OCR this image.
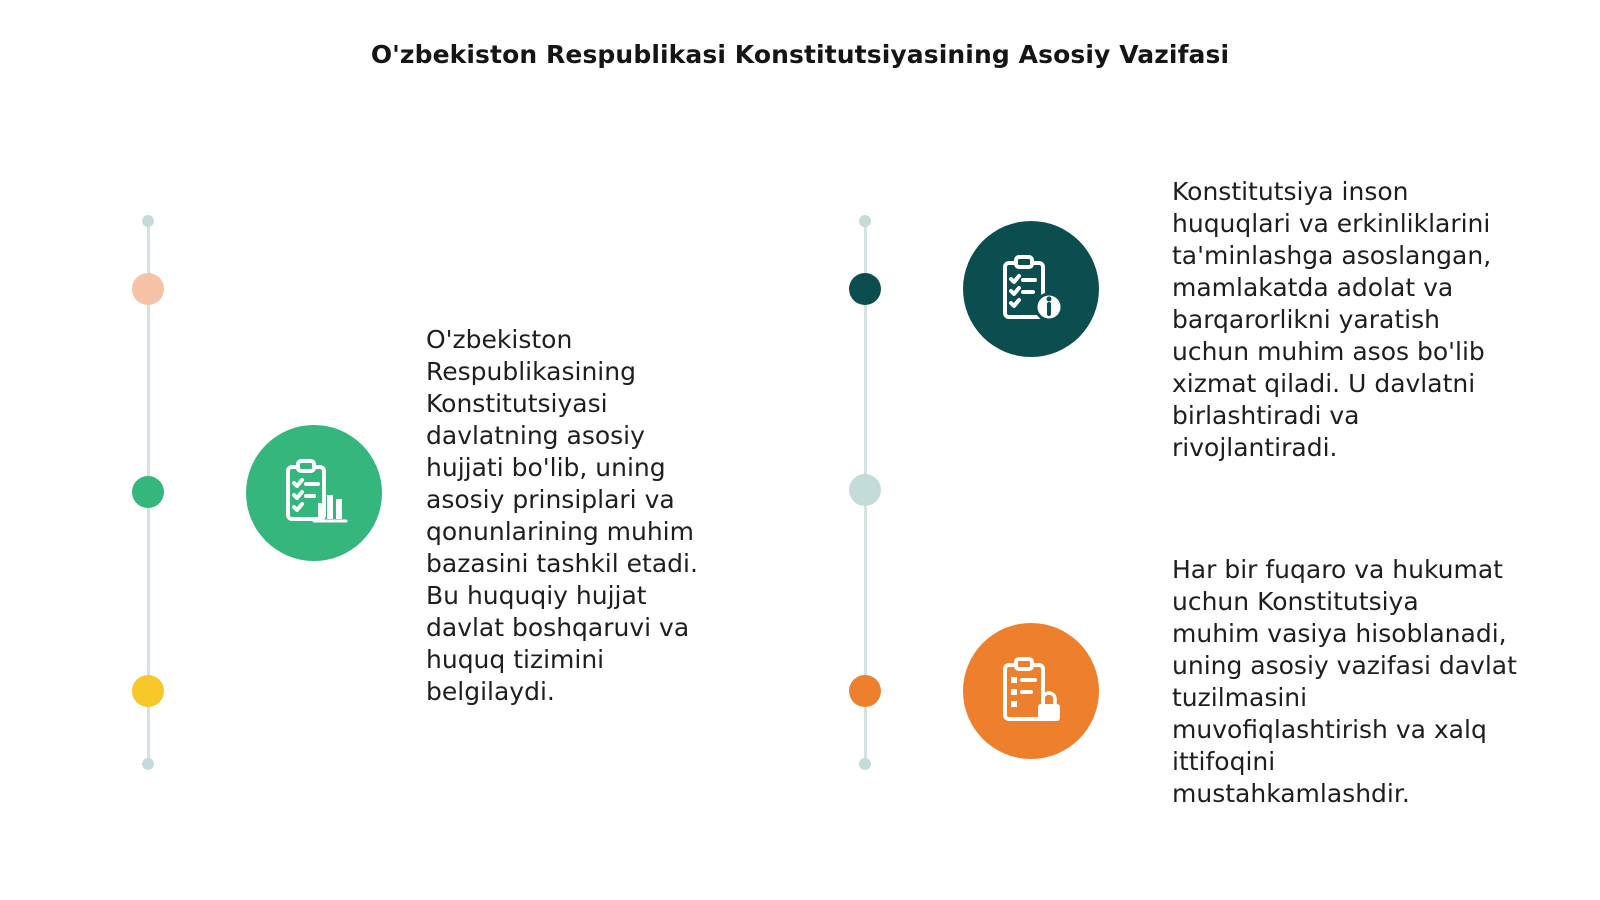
O'zbekiston Respublikasi Konstitutsiyasining Asosiy Vazifasi
O'zbekiston
Respublikasining
Konstitutsiyasi
davlatning asosiy
hujjati bo'lib, uning
asosiy prinsiplari va
qonunlarining muhim
bazasini tashkil etadi.
Bu huquqiy hujjat
davlat boshqaruvi va
huquq tizimini
belgilaydi.
Konstitutsiya inson
huquqlari va erkinliklarini
ta'minlashga asoslangan,
mamlakatda adolat va
barqarorlikni yaratish
uchun muhim asos bo'lib
xizmat qiladi. U davlatni
birlashtiradi va
rivojlantiradi.
Har bir fuqaro va hukumat
uchun Konstitutsiya
muhim vasiya hisoblanadi,
uning asosiy vazifasi davlat
tuzilmasini
muvofiqlashtirish va xalq
ittifoqini
mustahkamlashdir.
